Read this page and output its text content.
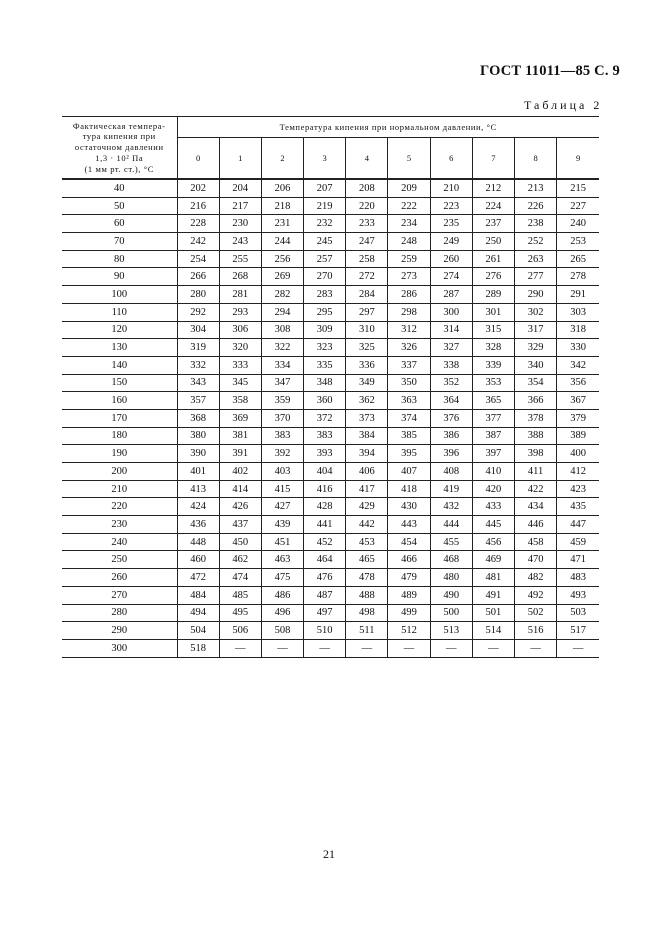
ГОСТ 11011—85 С. 9
Таблица 2
Фактическая темпера-
тура кипения при
остаточном давлении
1,3 · 10² Па
(1 мм рт. ст.), °С	Температура кипения при нормальном давлении, °С									
	0	1	2	3	4	5	6	7	8	9
40	202	204	206	207	208	209	210	212	213	215
50	216	217	218	219	220	222	223	224	226	227
60	228	230	231	232	233	234	235	237	238	240
70	242	243	244	245	247	248	249	250	252	253
80	254	255	256	257	258	259	260	261	263	265
90	266	268	269	270	272	273	274	276	277	278
100	280	281	282	283	284	286	287	289	290	291
110	292	293	294	295	297	298	300	301	302	303
120	304	306	308	309	310	312	314	315	317	318
130	319	320	322	323	325	326	327	328	329	330
140	332	333	334	335	336	337	338	339	340	342
150	343	345	347	348	349	350	352	353	354	356
160	357	358	359	360	362	363	364	365	366	367
170	368	369	370	372	373	374	376	377	378	379
180	380	381	383	383	384	385	386	387	388	389
190	390	391	392	393	394	395	396	397	398	400
200	401	402	403	404	406	407	408	410	411	412
210	413	414	415	416	417	418	419	420	422	423
220	424	426	427	428	429	430	432	433	434	435
230	436	437	439	441	442	443	444	445	446	447
240	448	450	451	452	453	454	455	456	458	459
250	460	462	463	464	465	466	468	469	470	471
260	472	474	475	476	478	479	480	481	482	483
270	484	485	486	487	488	489	490	491	492	493
280	494	495	496	497	498	499	500	501	502	503
290	504	506	508	510	511	512	513	514	516	517
300	518	—	—	—	—	—	—	—	—	—
21
